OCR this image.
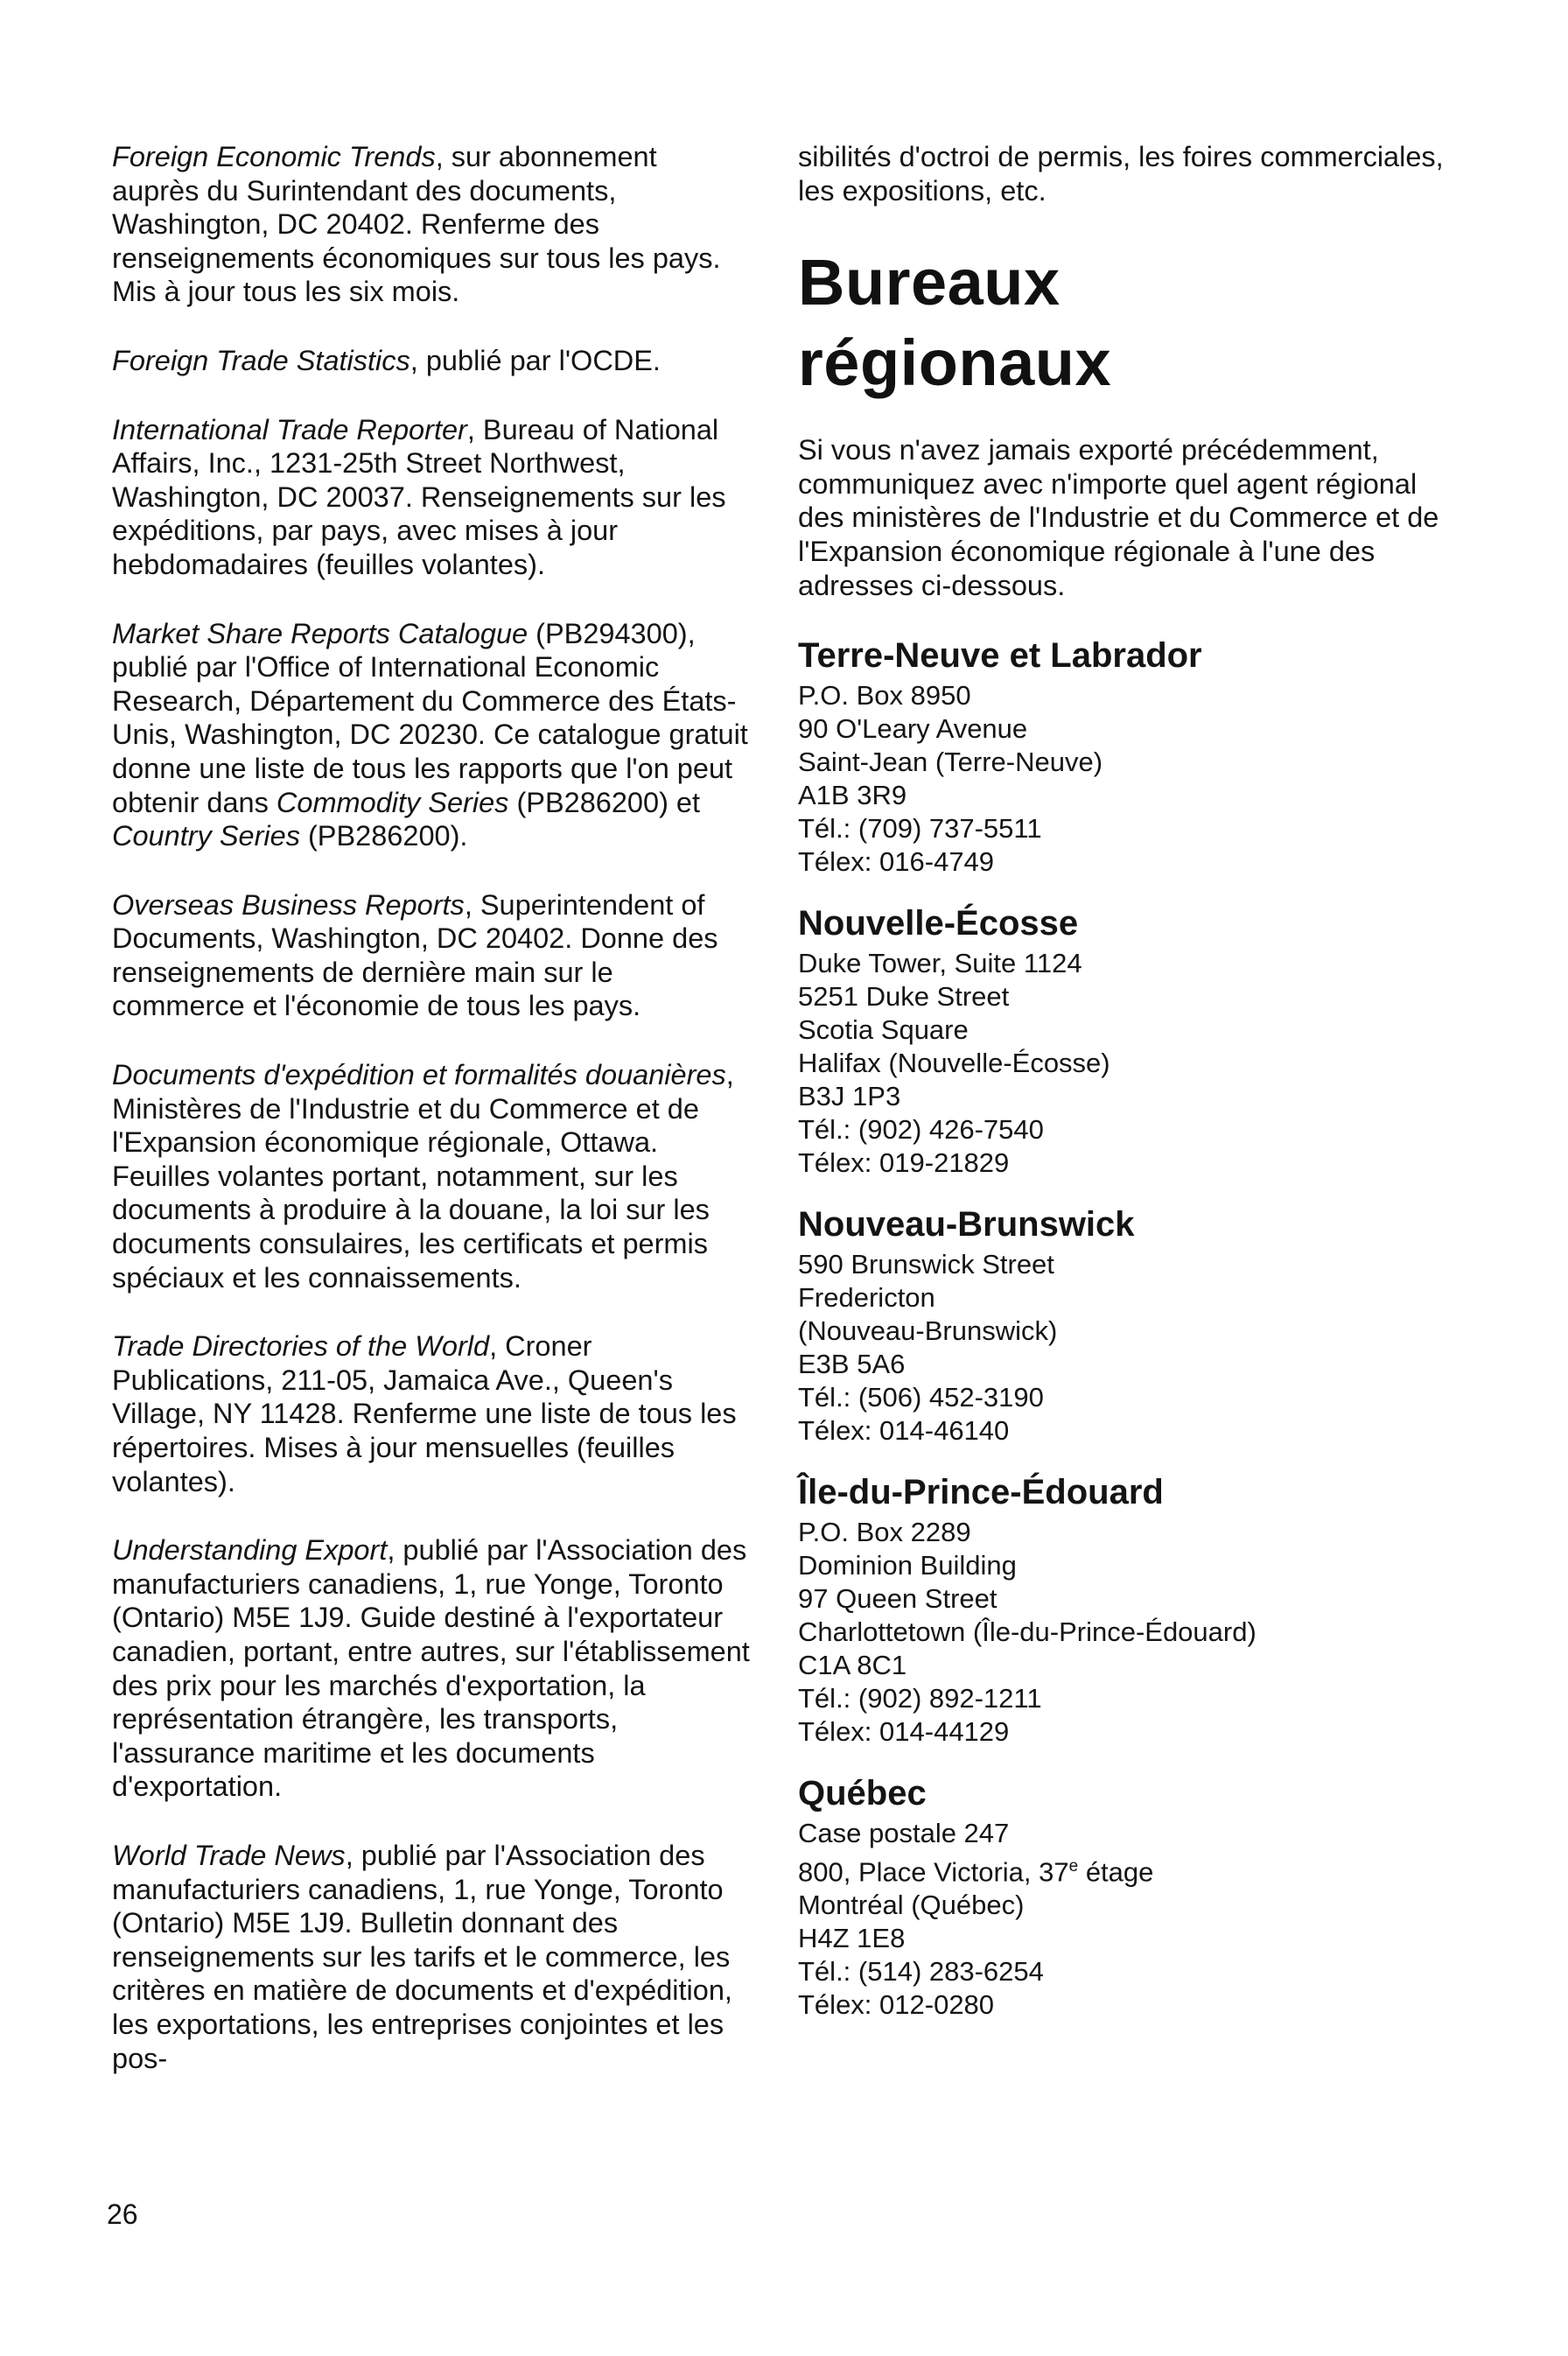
Foreign Economic Trends, sur abonnement auprès du Surintendant des documents, Washington, DC 20402. Renferme des renseignements économiques sur tous les pays. Mis à jour tous les six mois.

Foreign Trade Statistics, publié par l'OCDE.

International Trade Reporter, Bureau of National Affairs, Inc., 1231-25th Street Northwest, Washington, DC 20037. Renseignements sur les expéditions, par pays, avec mises à jour hebdomadaires (feuilles volantes).

Market Share Reports Catalogue (PB294300), publié par l'Office of International Economic Research, Département du Commerce des États-Unis, Washington, DC 20230. Ce catalogue gratuit donne une liste de tous les rapports que l'on peut obtenir dans Commodity Series (PB286200) et Country Series (PB286200).

Overseas Business Reports, Superintendent of Documents, Washington, DC 20402. Donne des renseignements de dernière main sur le commerce et l'économie de tous les pays.

Documents d'expédition et formalités douanières, Ministères de l'Industrie et du Commerce et de l'Expansion économique régionale, Ottawa. Feuilles volantes portant, notamment, sur les documents à produire à la douane, la loi sur les documents consulaires, les certificats et permis spéciaux et les connaissements.

Trade Directories of the World, Croner Publications, 211-05, Jamaica Ave., Queen's Village, NY 11428. Renferme une liste de tous les répertoires. Mises à jour mensuelles (feuilles volantes).

Understanding Export, publié par l'Association des manufacturiers canadiens, 1, rue Yonge, Toronto (Ontario) M5E 1J9. Guide destiné à l'exportateur canadien, portant, entre autres, sur l'établissement des prix pour les marchés d'exportation, la représentation étrangère, les transports, l'assurance maritime et les documents d'exportation.

World Trade News, publié par l'Association des manufacturiers canadiens, 1, rue Yonge, Toronto (Ontario) M5E 1J9. Bulletin donnant des renseignements sur les tarifs et le commerce, les critères en matière de documents et d'expédition, les exportations, les entreprises conjointes et les pos-

sibilités d'octroi de permis, les foires commerciales, les expositions, etc.

Bureaux
régionaux

Si vous n'avez jamais exporté précédemment, communiquez avec n'importe quel agent régional des ministères de l'Industrie et du Commerce et de l'Expansion économique régionale à l'une des adresses ci-dessous.

Terre-Neuve et Labrador
P.O. Box 8950
90 O'Leary Avenue
Saint-Jean (Terre-Neuve)
A1B 3R9
Tél.: (709) 737-5511
Télex: 016-4749
Nouvelle-Écosse
Duke Tower, Suite 1124
5251 Duke Street
Scotia Square
Halifax (Nouvelle-Écosse)
B3J 1P3
Tél.: (902) 426-7540
Télex: 019-21829
Nouveau-Brunswick
590 Brunswick Street
Fredericton
(Nouveau-Brunswick)
E3B 5A6
Tél.: (506) 452-3190
Télex: 014-46140
Île-du-Prince-Édouard
P.O. Box 2289
Dominion Building
97 Queen Street
Charlottetown (Île-du-Prince-Édouard)
C1A 8C1
Tél.: (902) 892-1211
Télex: 014-44129
Québec
Case postale 247
800, Place Victoria, 37e étage
Montréal (Québec)
H4Z 1E8
Tél.: (514) 283-6254
Télex: 012-0280
26
